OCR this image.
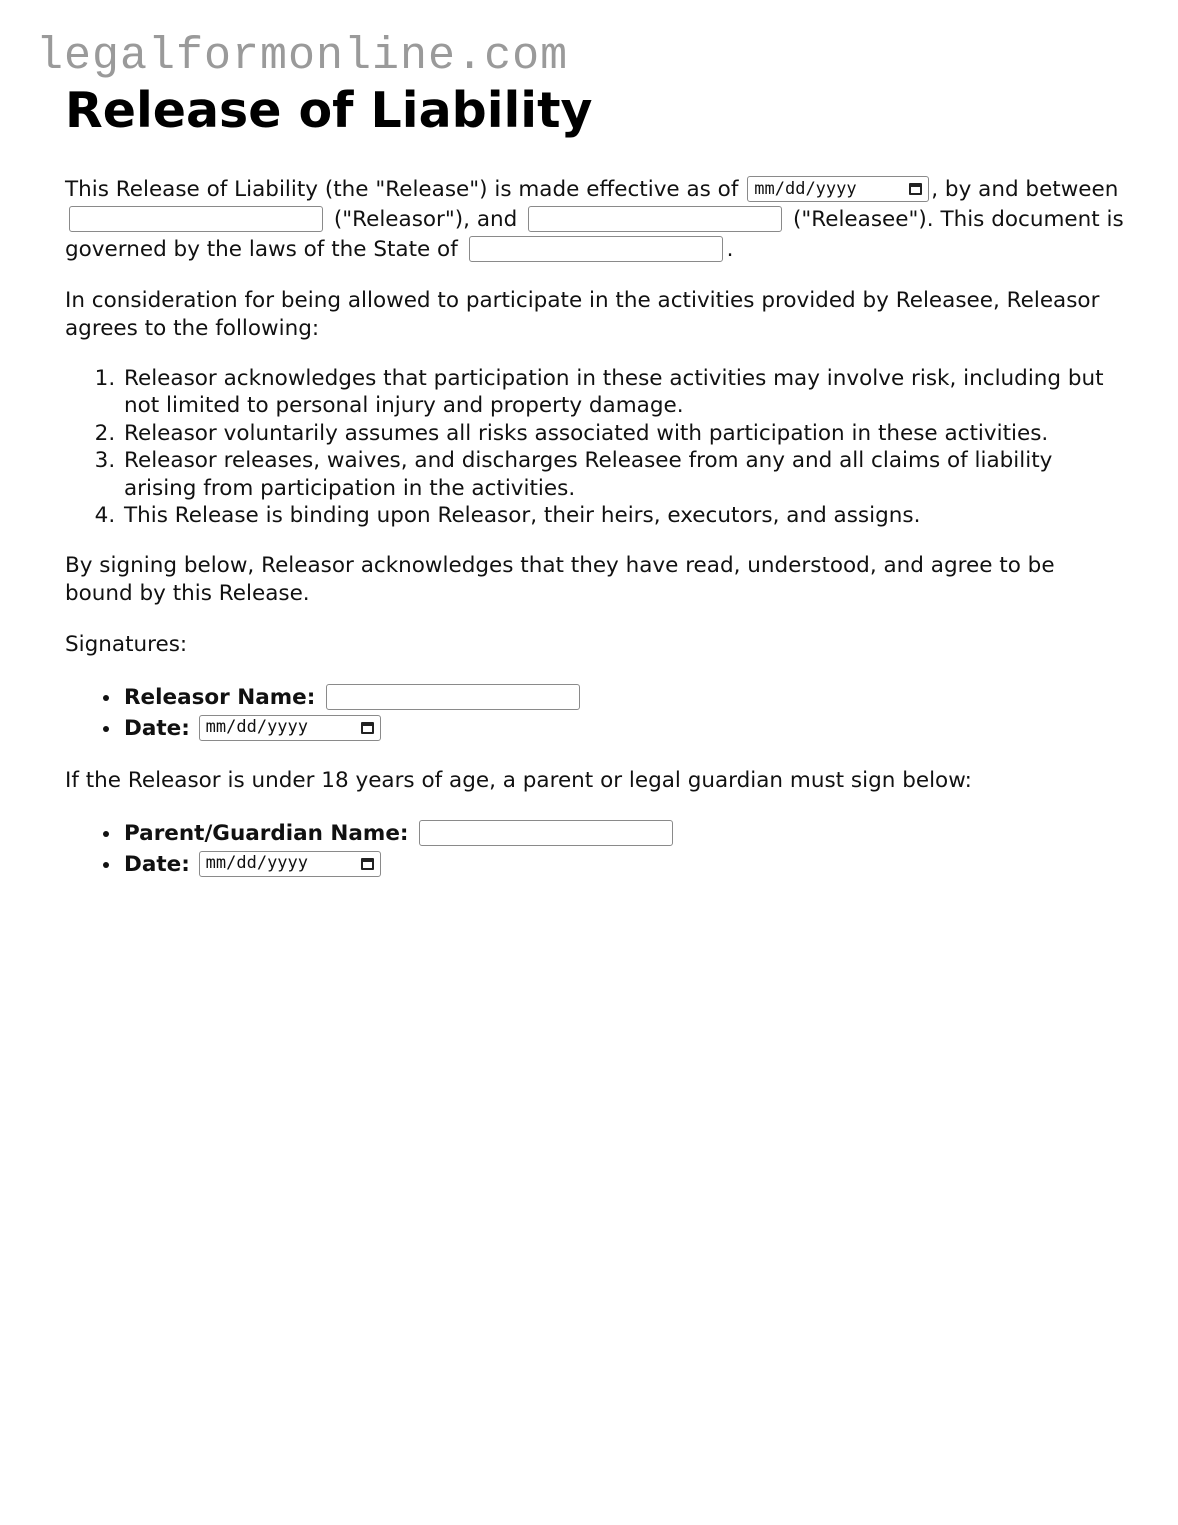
legalformonline.com
Release of Liability

This Release of Liability (the "Release") is made effective as of mm/dd/yyyy	, by and between  ("Releasor"), and	("Releasee"). This document is governed by the laws of the State of	.

In consideration for being allowed to participate in the activities provided by Releasee, Releasor agrees to the following:

1. Releasor acknowledges that participation in these activities may involve risk, including but not limited to personal injury and property damage.
2. Releasor voluntarily assumes all risks associated with participation in these activities.
3. Releasor releases, waives, and discharges Releasee from any and all claims of liability arising from participation in the activities.
4. This Release is binding upon Releasor, their heirs, executors, and assigns.

By signing below, Releasor acknowledges that they have read, understood, and agree to be bound by this Release.

Signatures:

• Releasor Name:
• Date: mm/dd/yyyy

If the Releasor is under 18 years of age, a parent or legal guardian must sign below:

• Parent/Guardian Name:
• Date: mm/dd/yyyy
